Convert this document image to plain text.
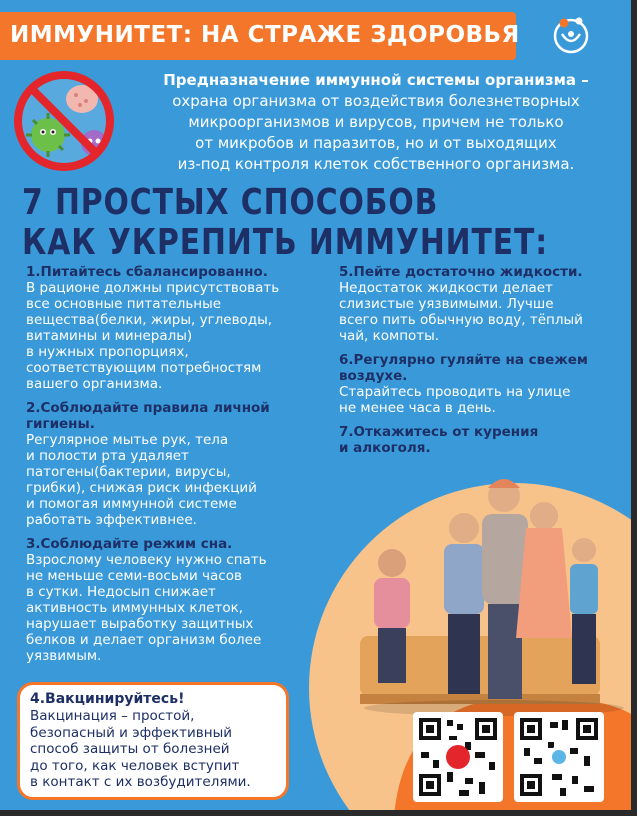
ИММУНИТЕТ: НА СТРАЖЕ ЗДОРОВЬЯ
Предназначение иммунной системы организма –
охрана организма от воздействия болезнетворных
микроорганизмов и вирусов, причем не только
от микробов и паразитов, но и от выходящих
из-под контроля клеток собственного организма.
7 ПРОСТЫХ СПОСОБОВ
КАК УКРЕПИТЬ ИММУНИТЕТ:
1.Питайтесь сбалансированно.
В рационе должны присутствовать
все основные питательные
вещества(белки, жиры, углеводы,
витамины и минералы)
в нужных пропорциях,
соответствующим потребностям
вашего организма.
2.Соблюдайте правила личной
гигиены.
Регулярное мытье рук, тела
и полости рта удаляет
патогены(бактерии, вирусы,
грибки), снижая риск инфекций
и помогая иммунной системе
работать эффективнее.
3.Соблюдайте режим сна.
Взрослому человеку нужно спать
не меньше семи-восьми часов
в сутки. Недосып снижает
активность иммунных клеток,
нарушает выработку защитных
белков и делает организм более
уязвимым.
5.Пейте достаточно жидкости.
Недостаток жидкости делает
слизистые уязвимыми. Лучше
всего пить обычную воду, тёплый
чай, компоты.
6.Регулярно гуляйте на свежем
воздухе.
Старайтесь проводить на улице
не менее часа в день.
7.Откажитесь от курения
и алкоголя.
4.Вакцинируйтесь!
Вакцинация – простой,
безопасный и эффективный
способ защиты от болезней
до того, как человек вступит
в контакт с их возбудителями.
